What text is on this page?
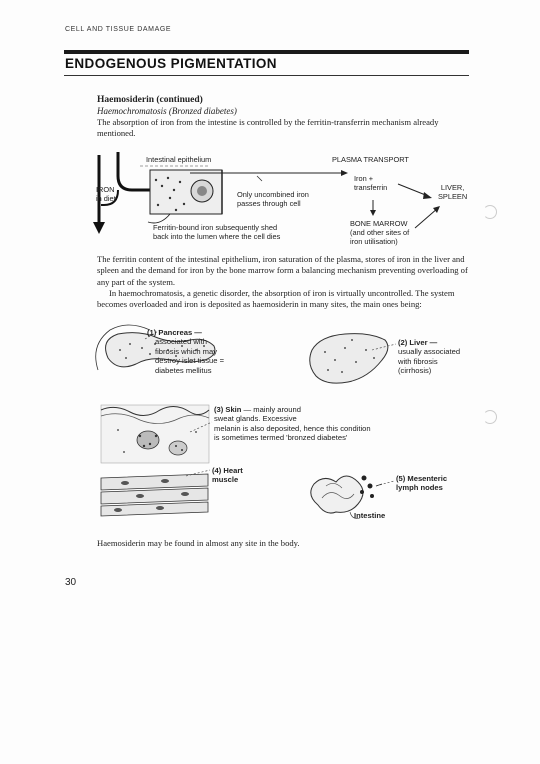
CELL AND TISSUE DAMAGE
ENDOGENOUS PIGMENTATION
Haemosiderin (continued)
Haemochromatosis (Bronzed diabetes)
The absorption of iron from the intestine is controlled by the ferritin-transferrin mechanism already mentioned.
Intestinal epithelium	PLASMA TRANSPORT
IRON
in diet	Only uncombined iron
passes through cell
Iron +
transferrin	LIVER,
SPLEEN
BONE MARROW
(and other sites of
iron utilisation)
Ferritin-bound iron subsequently shed
back into the lumen where the cell dies
The ferritin content of the intestinal epithelium, iron saturation of the plasma, stores of iron in the liver and spleen and the demand for iron by the bone marrow form a balancing mechanism preventing overloading of any part of the system.
In haemochromatosis, a genetic disorder, the absorption of iron is virtually uncontrolled. The system becomes overloaded and iron is deposited as haemosiderin in many sites, the main ones being:
(1) Pancreas —
associated with
fibrosis which may
destroy islet tissue =
diabetes mellitus
(2) Liver —
usually associated
with fibrosis
(cirrhosis)
(3) Skin — mainly around
sweat glands. Excessive
melanin is also deposited, hence this condition
is sometimes termed 'bronzed diabetes'
(4) Heart
muscle	(5) Mesenteric
lymph nodes
Intestine
Haemosiderin may be found in almost any site in the body.
30
